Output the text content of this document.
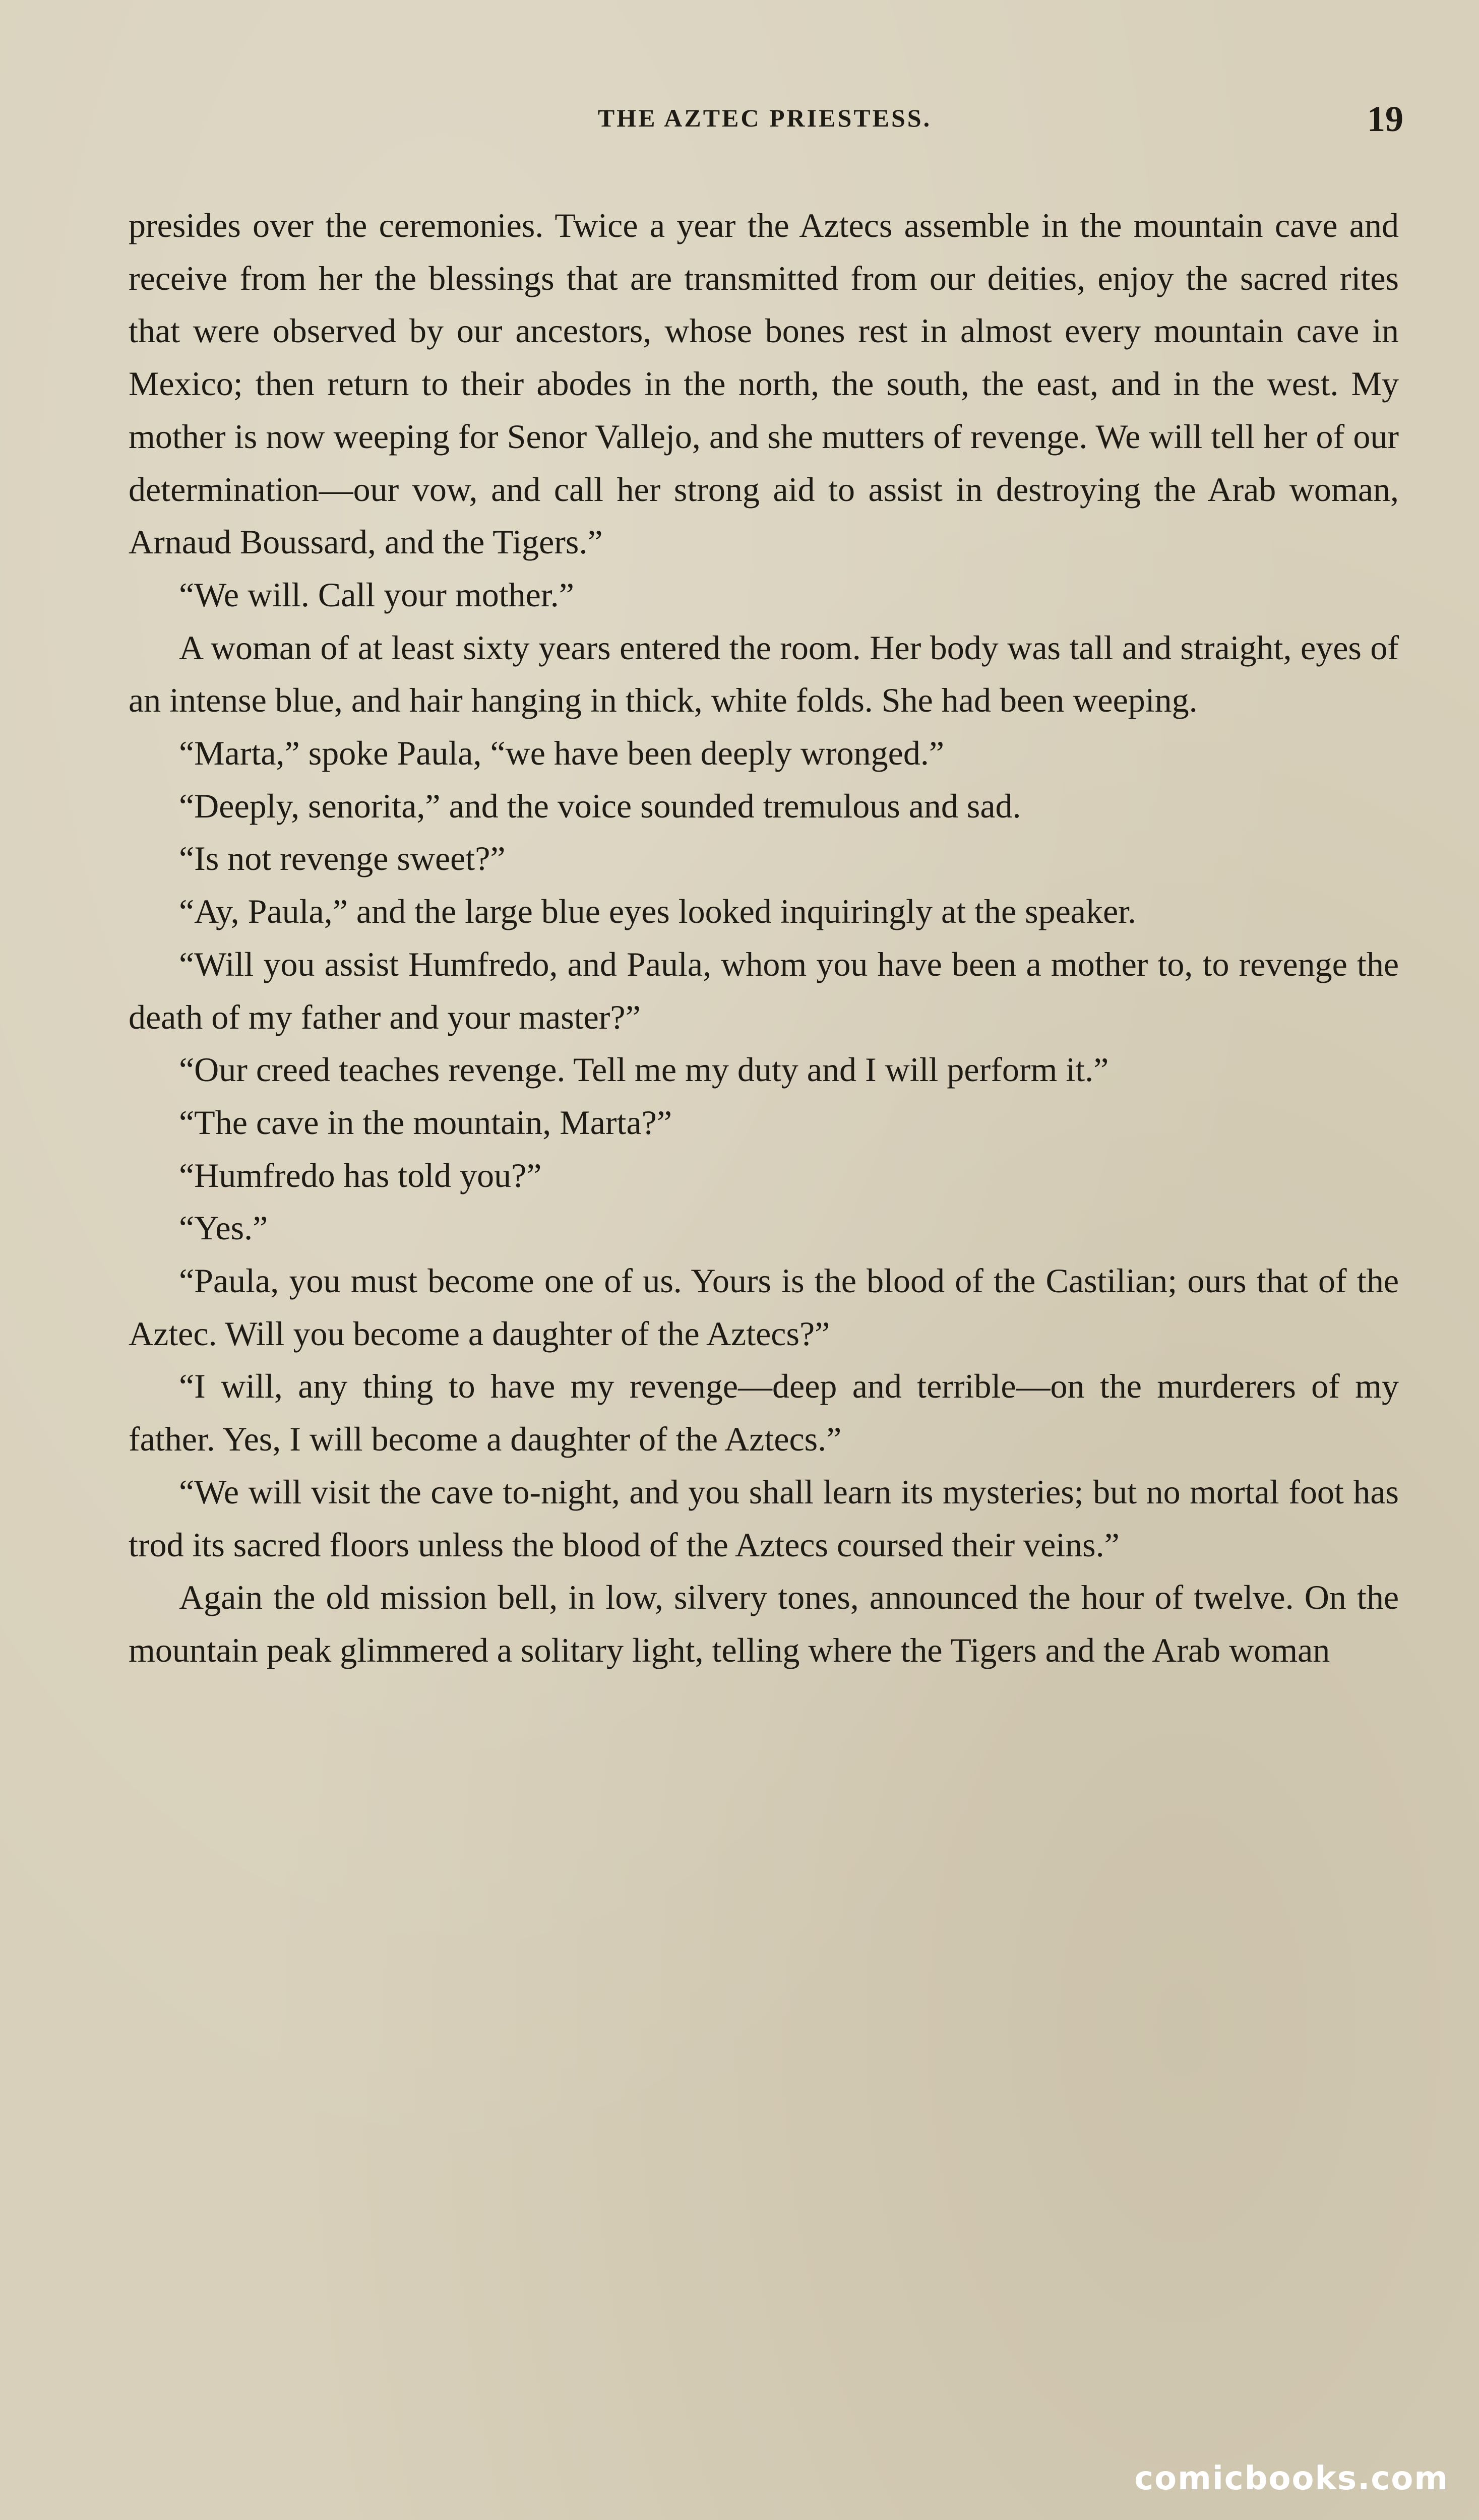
THE AZTEC PRIESTESS.	19

presides over the ceremonies. Twice a year the Aztecs assemble in the mountain cave and receive from her the blessings that are transmitted from our deities, enjoy the sacred rites that were observed by our ancestors, whose bones rest in almost every mountain cave in Mexico; then return to their abodes in the north, the south, the east, and in the west. My mother is now weeping for Senor Vallejo, and she mutters of revenge. We will tell her of our determination—our vow, and call her strong aid to assist in destroying the Arab woman, Arnaud Boussard, and the Tigers.”

“We will. Call your mother.”

A woman of at least sixty years entered the room. Her body was tall and straight, eyes of an intense blue, and hair hanging in thick, white folds. She had been weeping.

“Marta,” spoke Paula, “we have been deeply wronged.”

“Deeply, senorita,” and the voice sounded tremulous and sad.

“Is not revenge sweet?”

“Ay, Paula,” and the large blue eyes looked inquiringly at the speaker.

“Will you assist Humfredo, and Paula, whom you have been a mother to, to revenge the death of my father and your master?”

“Our creed teaches revenge. Tell me my duty and I will perform it.”

“The cave in the mountain, Marta?”

“Humfredo has told you?”

“Yes.”

“Paula, you must become one of us. Yours is the blood of the Castilian; ours that of the Aztec. Will you become a daughter of the Aztecs?”

“I will, any thing to have my revenge—deep and terrible—on the murderers of my father. Yes, I will become a daughter of the Aztecs.”

“We will visit the cave to-night, and you shall learn its mysteries; but no mortal foot has trod its sacred floors unless the blood of the Aztecs coursed their veins.”

Again the old mission bell, in low, silvery tones, announced the hour of twelve. On the mountain peak glimmered a solitary light, telling where the Tigers and the Arab woman

comicbooks.com
